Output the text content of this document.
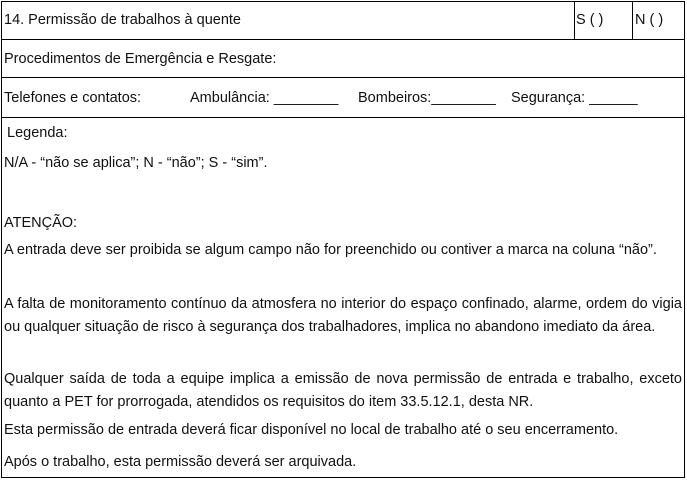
14. Permissão de trabalhos à quente	S ( ) N ( )
Procedimentos de Emergência e Resgate:
Telefones e contatos:	Ambulância: ________ Bombeiros:________ Segurança: ______
Legenda:
N/A - “não se aplica”; N - “não”; S - “sim”.
ATENÇÃO:
A entrada deve ser proibida se algum campo não for preenchido ou contiver a marca na coluna “não”.
A falta de monitoramento contínuo da atmosfera no interior do espaço confinado, alarme, ordem do vigia ou qualquer situação de risco à segurança dos trabalhadores, implica no abandono imediato da área.
Qualquer saída de toda a equipe implica a emissão de nova permissão de entrada e trabalho, exceto quanto a PET for prorrogada, atendidos os requisitos do item 33.5.12.1, desta NR.
Esta permissão de entrada deverá ficar disponível no local de trabalho até o seu encerramento.
Após o trabalho, esta permissão deverá ser arquivada.
